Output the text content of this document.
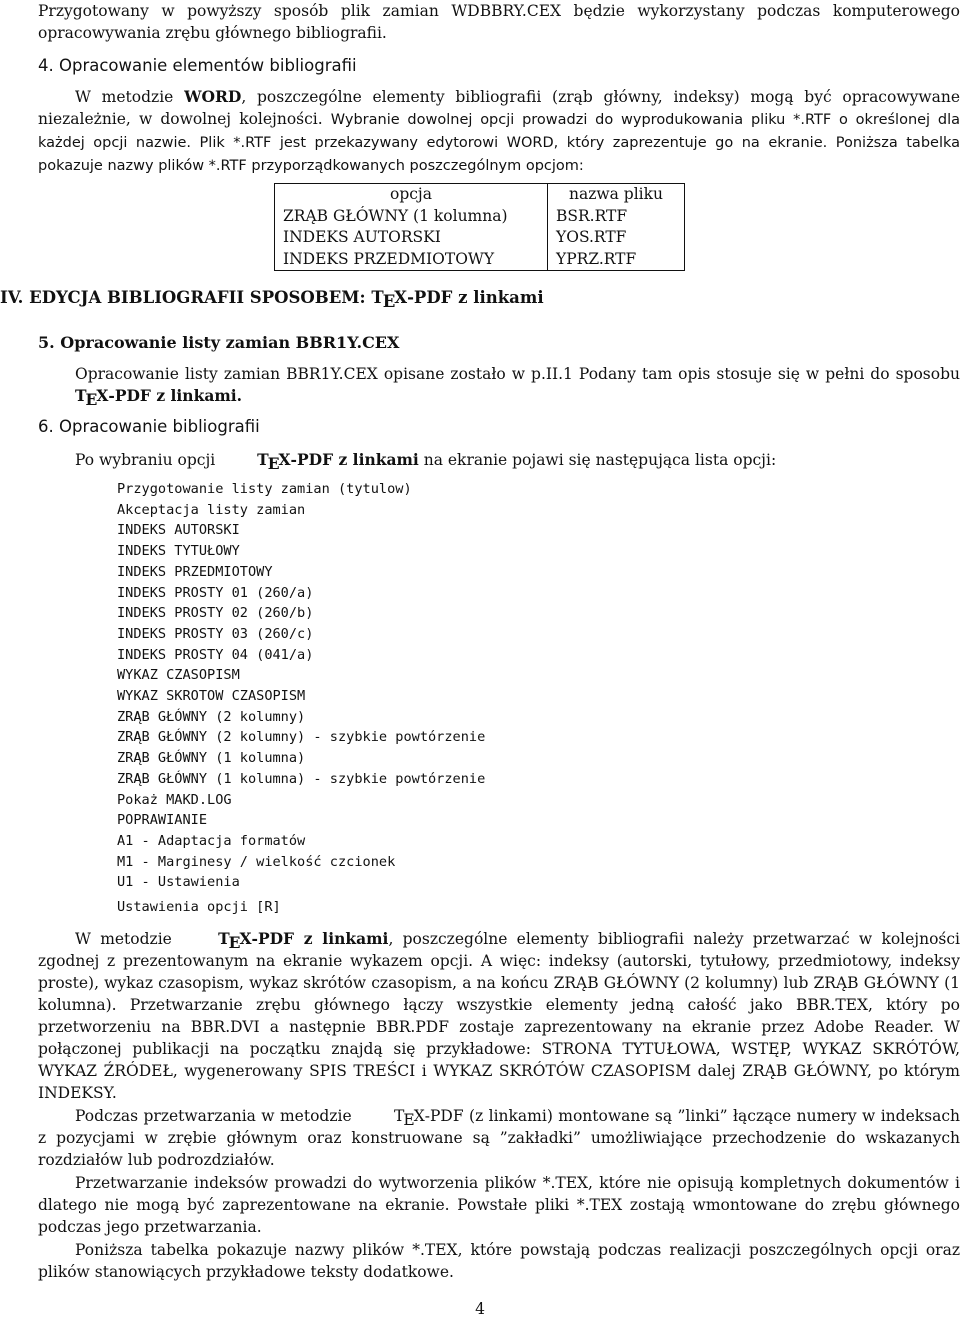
Przygotowany w powyższy sposób plik zamian WDBBRY.CEX będzie wykorzystany podczas komputerowego opracowywania zrębu głównego bibliografii.

4. Opracowanie elementów bibliografii

W metodzie WORD, poszczególne elementy bibliografii (zrąb główny, indeksy) mogą być opracowywane niezależnie, w dowolnej kolejności. Wybranie dowolnej opcji prowadzi do wyprodukowania pliku *.RTF o określonej dla każdej opcji nazwie. Plik *.RTF jest przekazywany edytorowi WORD, który zaprezentuje go na ekranie. Poniższa tabelka pokazuje nazwy plików *.RTF przyporządkowanych poszczególnym opcjom:

opcja	nazwa pliku
ZRĄB GŁÓWNY (1 kolumna)	BSR.RTF
INDEKS AUTORSKI	YOS.RTF
INDEKS PRZEDMIOTOWY	YPRZ.RTF
IV. EDYCJA BIBLIOGRAFII SPOSOBEM: TEX-PDF z linkami
5. Opracowanie listy zamian BBR1Y.CEX

Opracowanie listy zamian BBR1Y.CEX opisane zostało w p.II.1 Podany tam opis stosuje się w pełni do sposobu TEX-PDF z linkami.

6. Opracowanie bibliografii

Po wybraniu opcji TEX-PDF z linkami na ekranie pojawi się następująca lista opcji:

Przygotowanie listy zamian (tytulow)
Akceptacja listy zamian
INDEKS AUTORSKI
INDEKS TYTUŁOWY
INDEKS PRZEDMIOTOWY
INDEKS PROSTY 01 (260/a)
INDEKS PROSTY 02 (260/b)
INDEKS PROSTY 03 (260/c)
INDEKS PROSTY 04 (041/a)
WYKAZ CZASOPISM
WYKAZ SKROTOW CZASOPISM
ZRĄB GŁÓWNY (2 kolumny)
ZRĄB GŁÓWNY (2 kolumny) - szybkie powtórzenie
ZRĄB GŁÓWNY (1 kolumna)
ZRĄB GŁÓWNY (1 kolumna) - szybkie powtórzenie
Pokaż MAKD.LOG
POPRAWIANIE
A1 - Adaptacja formatów
M1 - Marginesy / wielkość czcionek
U1 - Ustawienia
Ustawienia opcji [R]

W metodzie TEX-PDF z linkami, poszczególne elementy bibliografii należy przetwarzać w kolejności zgodnej z prezentowanym na ekranie wykazem opcji. A więc: indeksy (autorski, tytułowy, przedmiotowy, indeksy proste), wykaz czasopism, wykaz skrótów czasopism, a na końcu ZRĄB GŁÓWNY (2 kolumny) lub ZRĄB GŁÓWNY (1 kolumna). Przetwarzanie zrębu głównego łączy wszystkie elementy jedną całość jako BBR.TEX, który po przetworzeniu na BBR.DVI a następnie BBR.PDF zostaje zaprezentowany na ekranie przez Adobe Reader. W połączonej publikacji na początku znajdą się przykładowe: STRONA TYTUŁOWA, WSTĘP, WYKAZ SKRÓTÓW, WYKAZ ŹRÓDEŁ, wygenerowany SPIS TREŚCI i WYKAZ SKRÓTÓW CZASOPISM dalej ZRĄB GŁÓWNY, po którym INDEKSY.

Podczas przetwarzania w metodzie TEX-PDF (z linkami) montowane są ”linki” łączące numery w indeksach z pozycjami w zrębie głównym oraz konstruowane są ”zakładki” umożliwiające przechodzenie do wskazanych rozdziałów lub podrozdziałów.

Przetwarzanie indeksów prowadzi do wytworzenia plików *.TEX, które nie opisują kompletnych dokumentów i dlatego nie mogą być zaprezentowane na ekranie. Powstałe pliki *.TEX zostają wmontowane do zrębu głównego podczas jego przetwarzania.

Poniższa tabelka pokazuje nazwy plików *.TEX, które powstają podczas realizacji poszczególnych opcji oraz plików stanowiących przykładowe teksty dodatkowe.

4
